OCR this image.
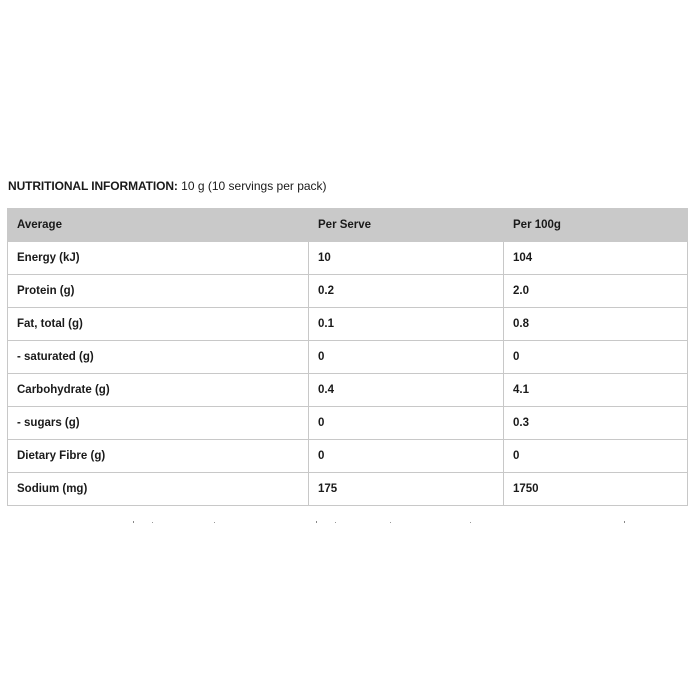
NUTRITIONAL INFORMATION: 10 g (10 servings per pack)
Average	Per Serve	Per 100g
Energy (kJ)	10	104
Protein (g)	0.2	2.0
Fat, total (g)	0.1	0.8
- saturated (g)	0	0
Carbohydrate (g)	0.4	4.1
- sugars (g)	0	0.3
Dietary Fibre (g)	0	0
Sodium (mg)	175	1750
